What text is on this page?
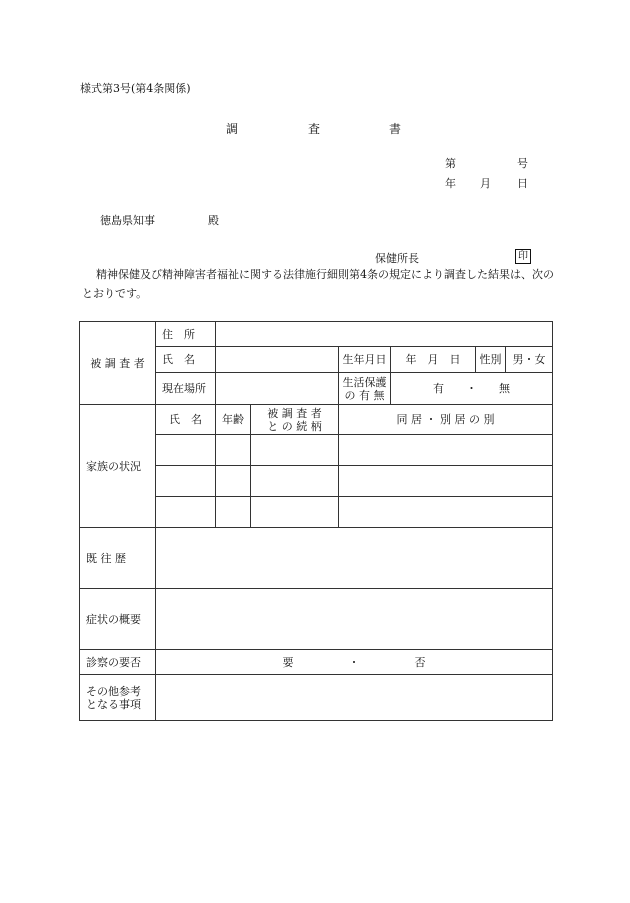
様式第3号(第4条関係)
調	査	書
第	号
年 月 日
徳島県知事	殿
保健所長	印
精神保健及び精神障害者福祉に関する法律施行細則第4条の規定により調査した結果は、次のとおりです。
被 調 査 者	住　所						
	氏　名			生年月日	年　月　日	性別	男・女
	現在場所			生活保護
の 有 無	有　　・　　無		
家族の状況	氏　名	年齢	被 調 査 者
と の 続 柄	同 居 ・ 別 居 の 別			

既 往 歴							
症状の概要							
診察の要否	要　　　　　・　　　　　否						

その他参考
となる事項							
